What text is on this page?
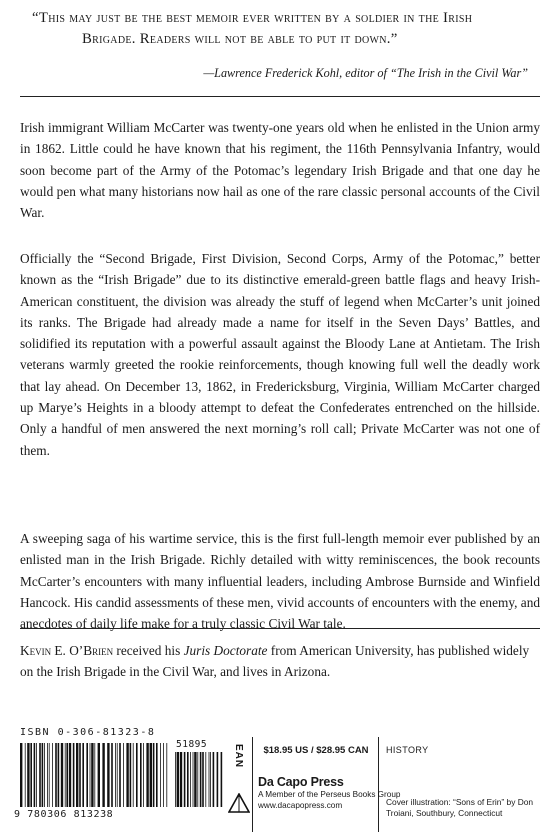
“This may just be the best memoir ever written by a soldier in the Irish
Brigade. Readers will not be able to put it down.”
—Lawrence Frederick Kohl, editor of “The Irish in the Civil War”

Irish immigrant William McCarter was twenty-one years old when he enlisted in the Union army in 1862. Little could he have known that his regiment, the 116th Pennsylvania Infantry, would soon become part of the Army of the Potomac’s legendary Irish Brigade and that one day he would pen what many historians now hail as one of the rare classic personal accounts of the Civil War.

Officially the “Second Brigade, First Division, Second Corps, Army of the Potomac,” better known as the “Irish Brigade” due to its distinctive emerald-green battle flags and heavy Irish-American constituent, the division was already the stuff of legend when McCarter’s unit joined its ranks. The Brigade had already made a name for itself in the Seven Days’ Battles, and solidified its reputation with a powerful assault against the Bloody Lane at Antietam. The Irish veterans warmly greeted the rookie reinforcements, though knowing full well the deadly work that lay ahead. On December 13, 1862, in Fredericksburg, Virginia, William McCarter charged up Marye’s Heights in a bloody attempt to defeat the Confederates entrenched on the hillside. Only a handful of men answered the next morning’s roll call; Private McCarter was not one of them.

A sweeping saga of his wartime service, this is the first full-length memoir ever published by an enlisted man in the Irish Brigade. Richly detailed with witty reminiscences, the book recounts McCarter’s encounters with many influential leaders, including Ambrose Burnside and Winfield Hancock. His candid assessments of these men, vivid accounts of encounters with the enemy, and anecdotes of daily life make for a truly classic Civil War tale.

Kevin E. O’Brien received his Juris Doctorate from American University, has published widely on the Irish Brigade in the Civil War, and lives in Arizona.

ISBN 0-306-81323-8
51895
9 780306 813238
EAN	$18.95 US / $28.95 CAN
Da Capo Press
A Member of the Perseus Books Group
www.dacapopress.com
HISTORY
Cover illustration: “Sons of Erin” by Don Troiani, Southbury, Connecticut
